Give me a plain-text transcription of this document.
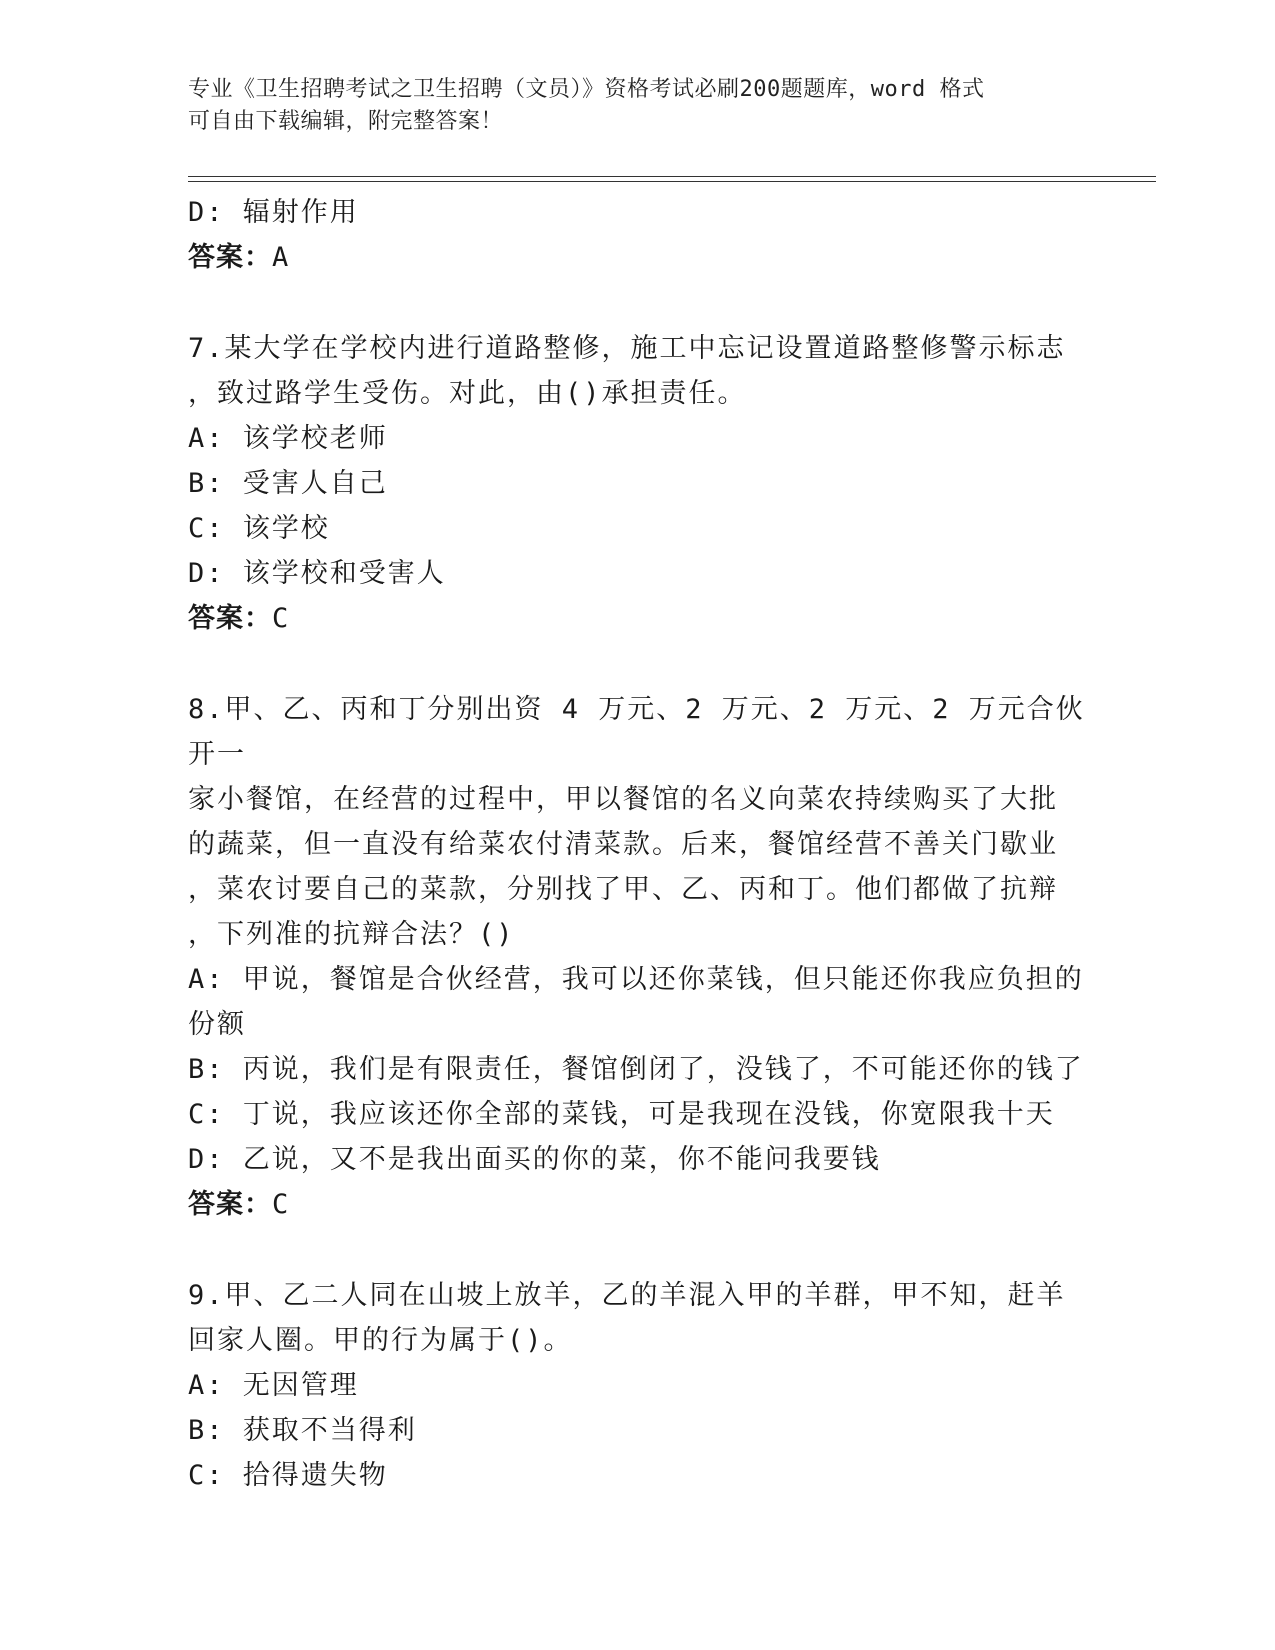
专业《卫生招聘考试之卫生招聘（文员）》资格考试必刷200题题库，word 格式
可自由下载编辑，附完整答案！
D: 辐射作用
答案：A
7.某大学在学校内进行道路整修，施工中忘记设置道路整修警示标志
，致过路学生受伤。对此，由()承担责任。
A: 该学校老师
B: 受害人自己
C: 该学校
D: 该学校和受害人
答案：C
8.甲、乙、丙和丁分别出资 4 万元、2 万元、2 万元、2 万元合伙开一
家小餐馆，在经营的过程中，甲以餐馆的名义向菜农持续购买了大批
的蔬菜，但一直没有给菜农付清菜款。后来，餐馆经营不善关门歇业
，菜农讨要自己的菜款，分别找了甲、乙、丙和丁。他们都做了抗辩
，下列准的抗辩合法？()
A: 甲说，餐馆是合伙经营，我可以还你菜钱，但只能还你我应负担的
份额
B: 丙说，我们是有限责任，餐馆倒闭了，没钱了，不可能还你的钱了
C: 丁说，我应该还你全部的菜钱，可是我现在没钱，你宽限我十天
D: 乙说，又不是我出面买的你的菜，你不能问我要钱
答案：C
9.甲、乙二人同在山坡上放羊，乙的羊混入甲的羊群，甲不知，赶羊
回家人圈。甲的行为属于()。
A: 无因管理
B: 获取不当得利
C: 拾得遗失物
